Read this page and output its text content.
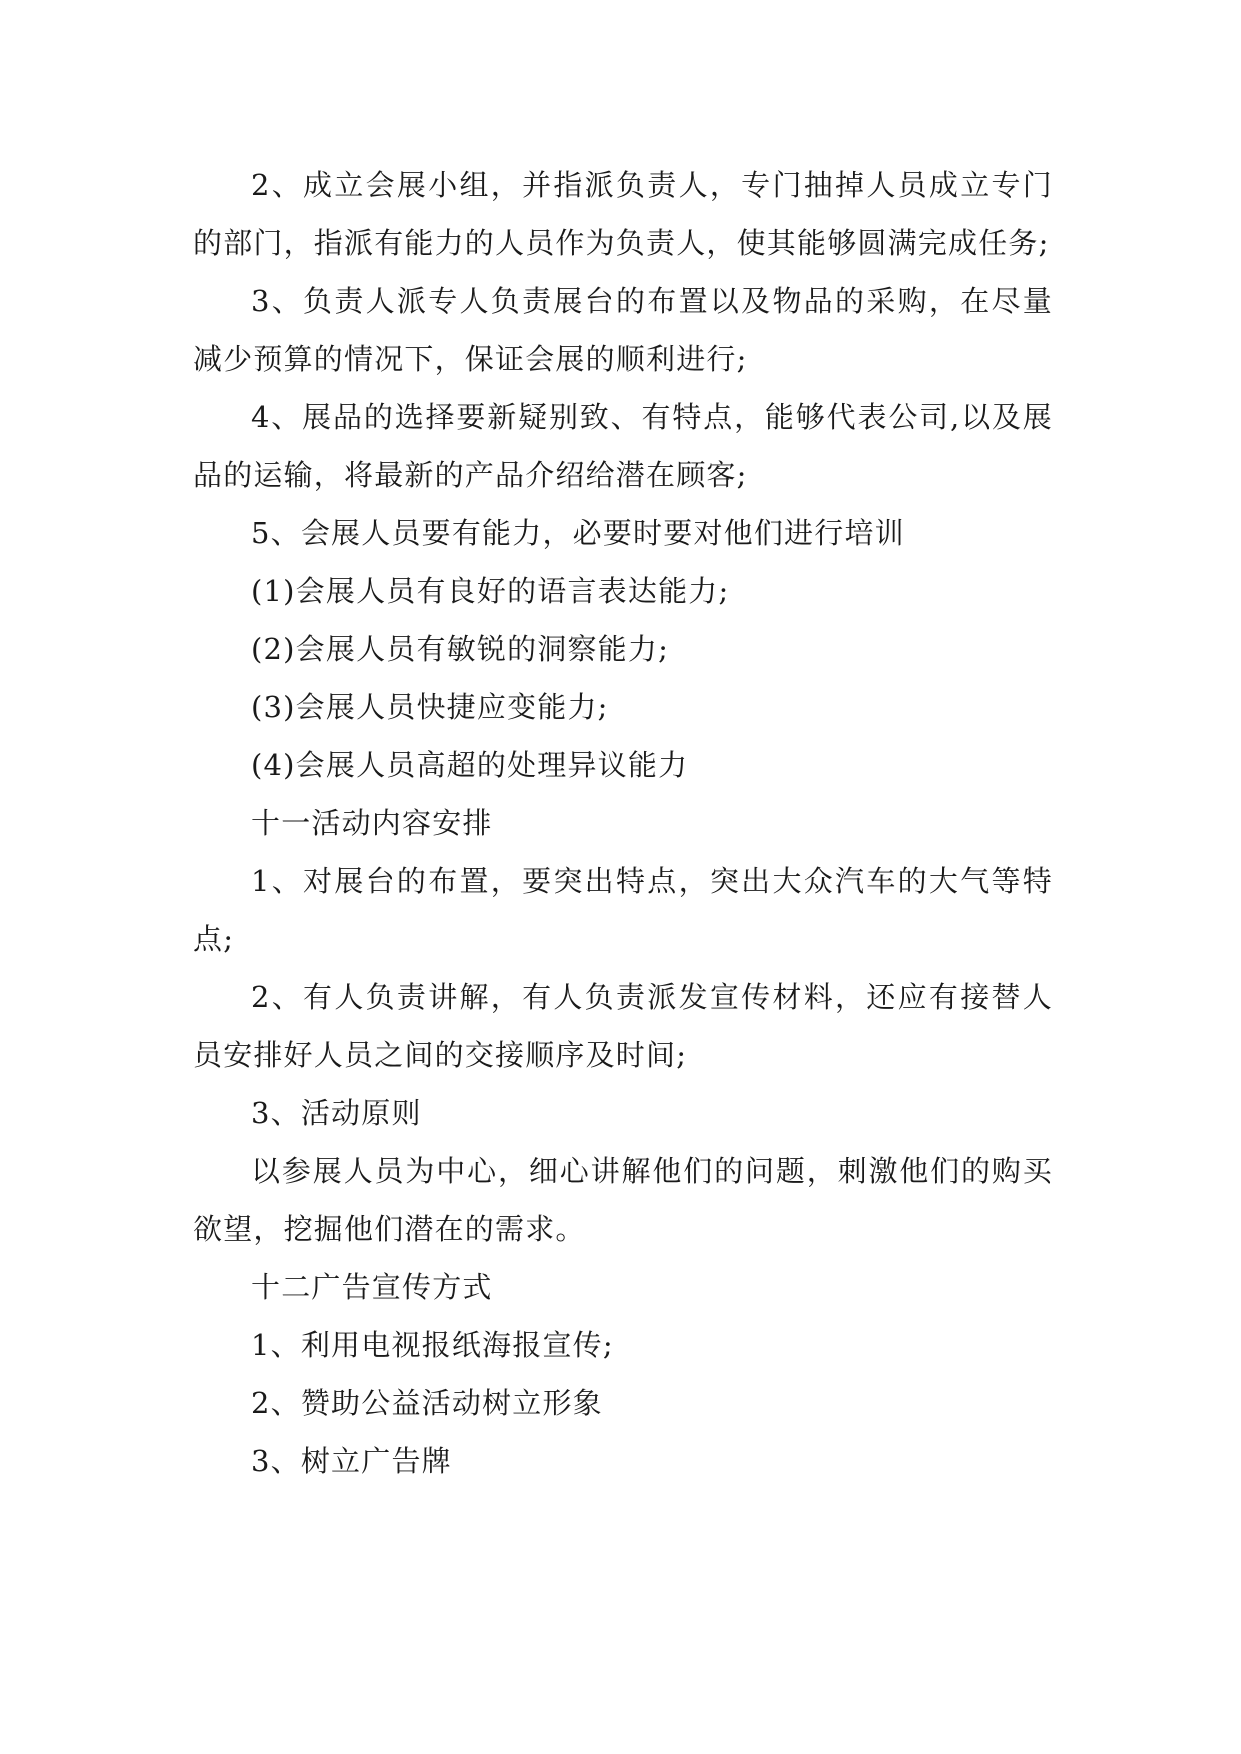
2、成立会展小组，并指派负责人，专门抽掉人员成立专门的部门，指派有能力的人员作为负责人，使其能够圆满完成任务;

3、负责人派专人负责展台的布置以及物品的采购，在尽量减少预算的情况下，保证会展的顺利进行;

4、展品的选择要新疑别致、有特点，能够代表公司,以及展品的运输，将最新的产品介绍给潜在顾客;

5、会展人员要有能力，必要时要对他们进行培训

(1)会展人员有良好的语言表达能力;

(2)会展人员有敏锐的洞察能力;

(3)会展人员快捷应变能力;

(4)会展人员高超的处理异议能力

十一活动内容安排

1、对展台的布置，要突出特点，突出大众汽车的大气等特点;

2、有人负责讲解，有人负责派发宣传材料，还应有接替人员安排好人员之间的交接顺序及时间;

3、活动原则

以参展人员为中心，细心讲解他们的问题，刺激他们的购买欲望，挖掘他们潜在的需求。

十二广告宣传方式

1、利用电视报纸海报宣传;

2、赞助公益活动树立形象

3、树立广告牌
